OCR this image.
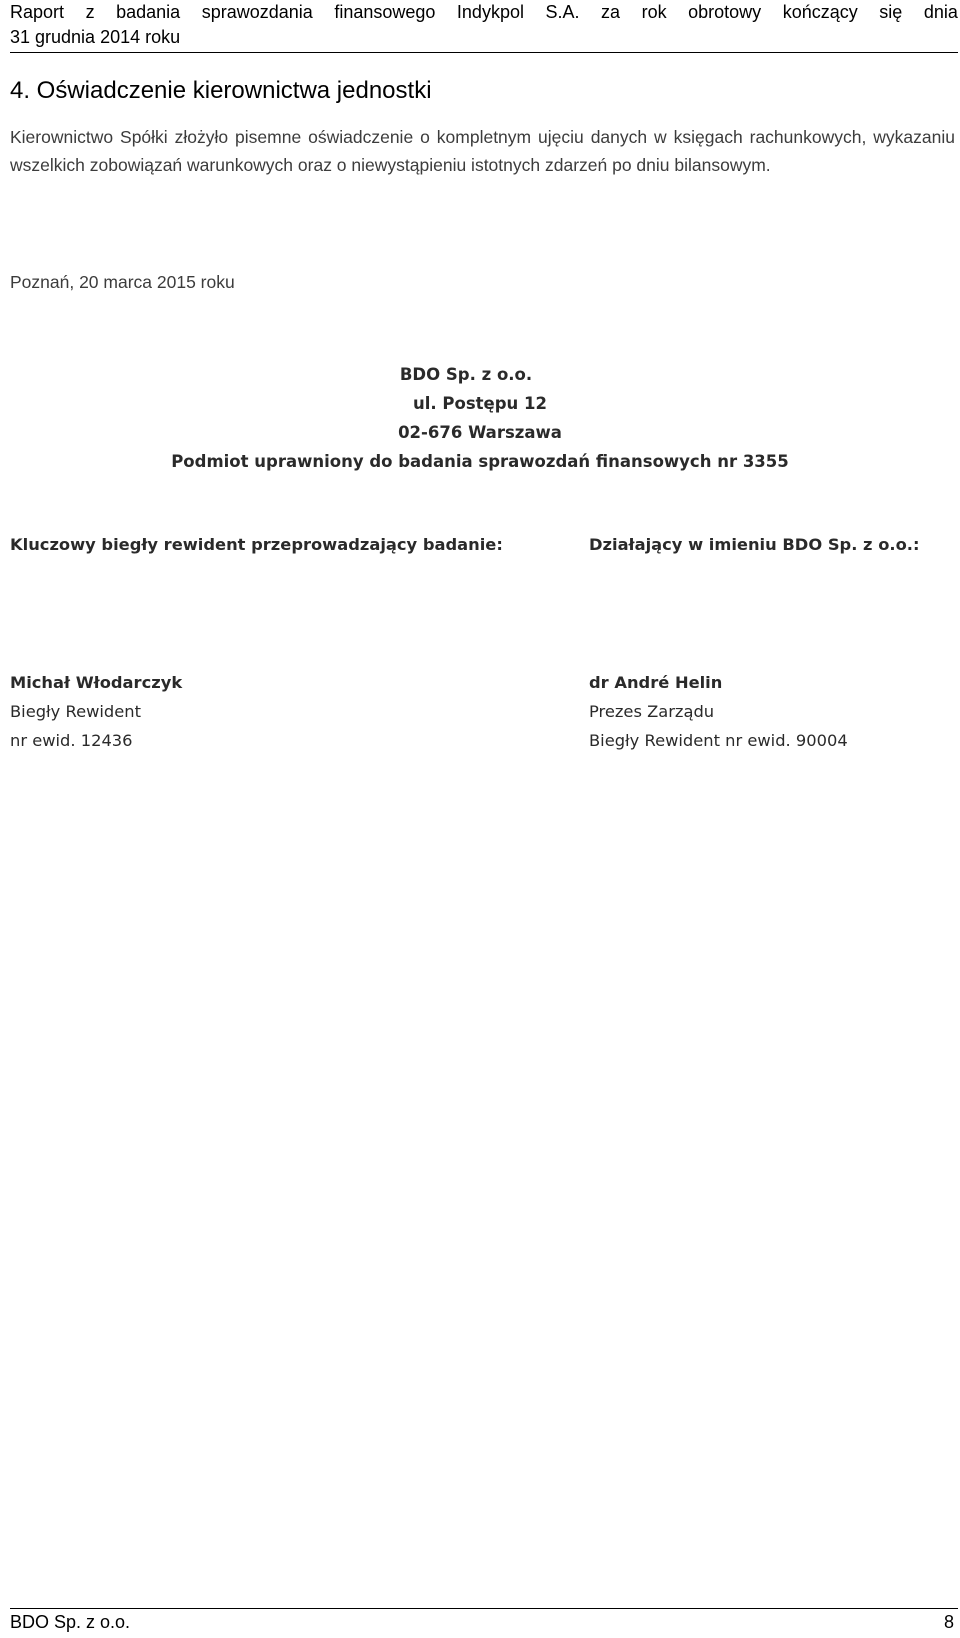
Raport z badania sprawozdania finansowego Indykpol S.A. za rok obrotowy kończący się dnia
31 grudnia 2014 roku
4. Oświadczenie kierownictwa jednostki
Kierownictwo Spółki złożyło pisemne oświadczenie o kompletnym ujęciu danych w księgach rachunkowych, wykazaniu wszelkich zobowiązań warunkowych oraz o niewystąpieniu istotnych zdarzeń po dniu bilansowym.
Poznań, 20 marca 2015 roku
BDO Sp. z o.o.
ul. Postępu 12
02-676 Warszawa
Podmiot uprawniony do badania sprawozdań finansowych nr 3355
Kluczowy biegły rewident przeprowadzający badanie:	Działający w imieniu BDO Sp. z o.o.:
Michał Włodarczyk
Biegły Rewident
nr ewid. 12436
dr André Helin
Prezes Zarządu
Biegły Rewident nr ewid. 90004
BDO Sp. z o.o.	8
